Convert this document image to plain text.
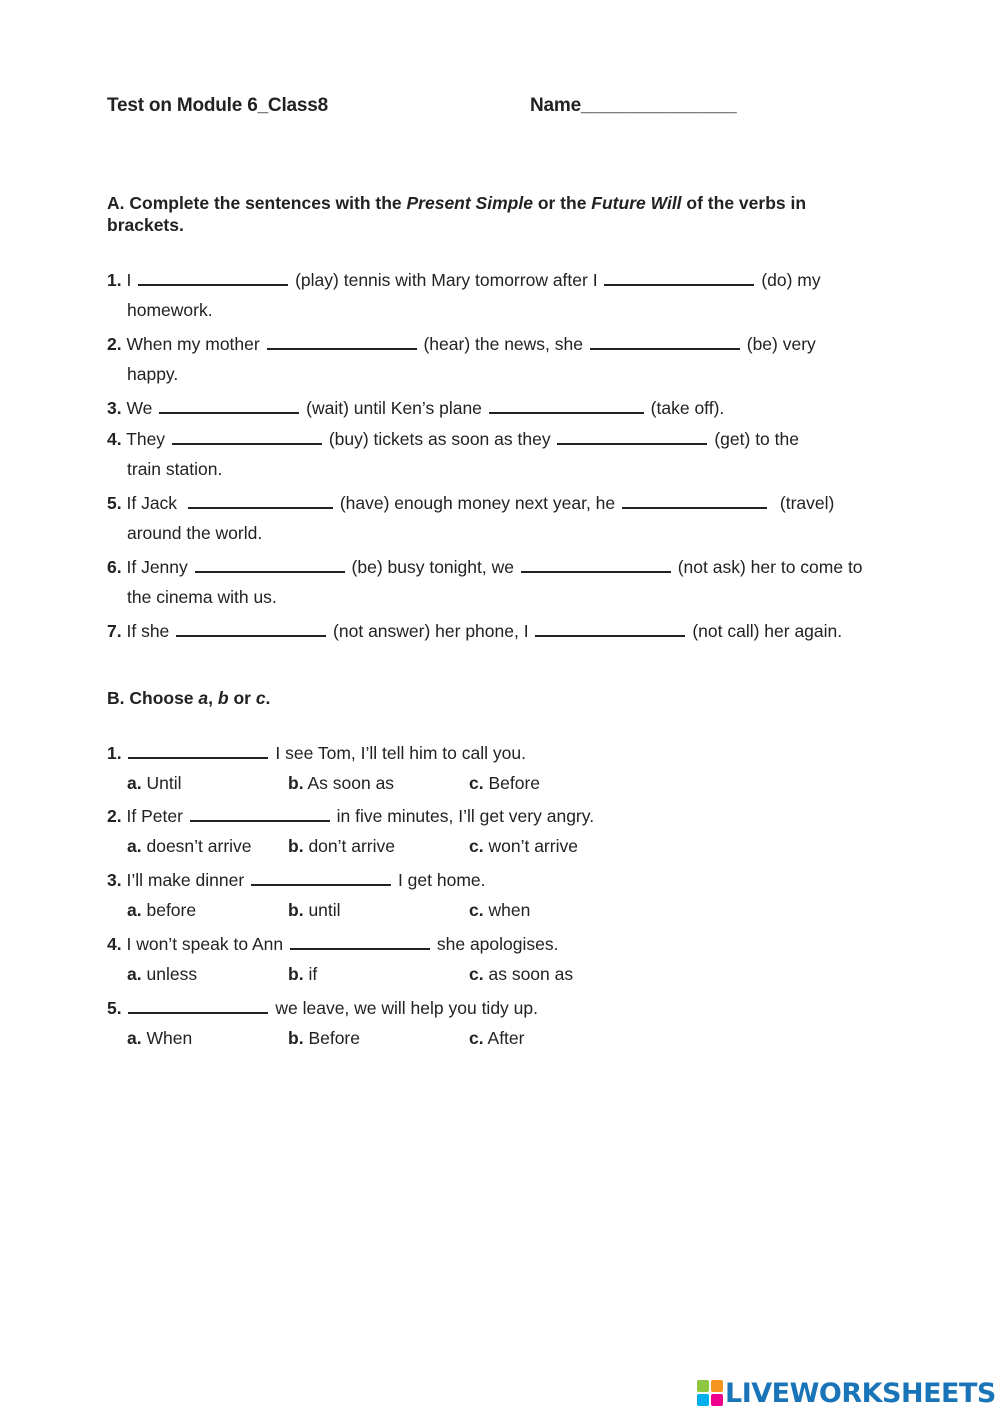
Test on Module 6_Class8	Name_______________
A. Complete the sentences with the Present Simple or the Future Will of the verbs in
brackets.
1. I	(play) tennis with Mary tomorrow after I	(do) my
homework.
2. When my mother	(hear) the news, she	(be) very
happy.
3. We	(wait) until Ken’s plane	(take off).
4. They	(buy) tickets as soon as they	(get) to the
train station.
5. If Jack	(have) enough money next year, he	(travel)
around the world.
6. If Jenny	(be) busy tonight, we	(not ask) her to come to
the cinema with us.
7. If she	(not answer) her phone, I	(not call) her again.
B. Choose a, b or c.
1.	I see Tom, I’ll tell him to call you.
a. Until	b. As soon as	c. Before
2. If Peter	in five minutes, I’ll get very angry.
a. doesn’t arrive b. don’t arrive	c. won’t arrive
3. I’ll make dinner	I get home.
a. before	b. until	c. when
4. I won’t speak to Ann	she apologises.
a. unless	b. if	c. as soon as
5.	we leave, we will help you tidy up.
a. When	b. Before	c. After
LIVEWORKSHEETS
